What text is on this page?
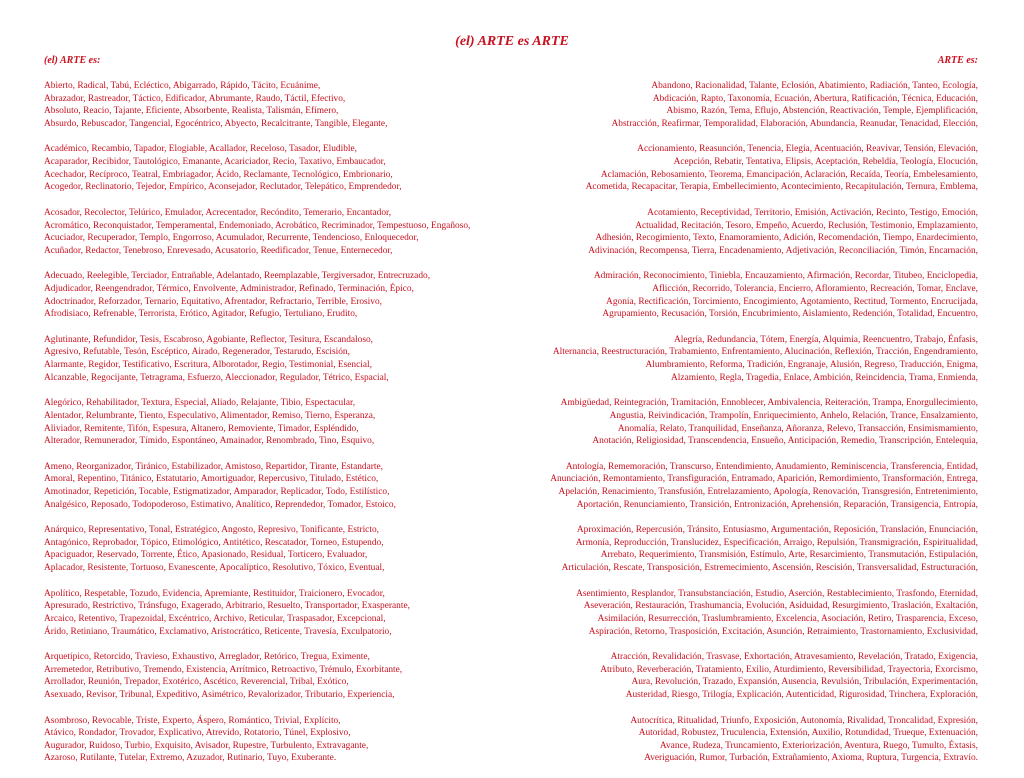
(el) ARTE es ARTE
(el) ARTE es:
Abierto, Radical, Tabú, Ecléctico, Abigarrado, Rápido, Tácito, Ecuánime,
Abrazador, Rastreador, Táctico, Edificador, Abrumante, Raudo, Táctil, Efectivo,
Absoluto, Reacio, Tajante, Eficiente, Absorbente, Realista, Talismán, Efímero,
Absurdo, Rebuscador, Tangencial, Egocéntrico, Abyecto, Recalcitrante, Tangible, Elegante,
Académico, Recambio, Tapador, Elogiable, Acallador, Receloso, Tasador, Eludible,
Acaparador, Recibidor, Tautológico, Emanante, Acariciador, Recio, Taxativo, Embaucador,
Acechador, Recíproco, Teatral, Embriagador, Ácido, Reclamante, Tecnológico, Embrionario,
Acogedor, Reclinatorio, Tejedor, Empírico, Aconsejador, Reclutador, Telepático, Emprendedor,
Acosador, Recolector, Telúrico, Emulador, Acrecentador, Recóndito, Temerario, Encantador,
Acromático, Reconquistador, Temperamental, Endemoniado, Acrobático, Recriminador, Tempestuoso, Engañoso,
Acuciador, Recuperador, Templo, Engorroso, Acumulador, Recurrente, Tendencioso, Enloquecedor,
Acuñador, Redactor, Tenebroso, Enrevesado, Acusatorio, Reedificador, Tenue, Enternecedor,
Adecuado, Reelegible, Terciador, Entrañable, Adelantado, Reemplazable, Tergiversador, Entrecruzado,
Adjudicador, Reengendrador, Térmico, Envolvente, Administrador, Refinado, Terminación, Épico,
Adoctrinador, Reforzador, Ternario, Equitativo, Afrentador, Refractario, Terrible, Erosivo,
Afrodisiaco, Refrenable, Terrorista, Erótico, Agitador, Refugio, Tertuliano, Erudito,
Aglutinante, Refundidor, Tesis, Escabroso, Agobiante, Reflector, Tesitura, Escandaloso,
Agresivo, Refutable, Tesón, Escéptico, Airado, Regenerador, Testarudo, Escisión,
Alarmante, Regidor, Testificativo, Escritura, Alborotador, Regio, Testimonial, Esencial,
Alcanzable, Regocijante, Tetragrama, Esfuerzo, Aleccionador, Regulador, Tétrico, Espacial,
Alegórico, Rehabilitador, Textura, Especial, Aliado, Relajante, Tibio, Espectacular,
Alentador, Relumbrante, Tiento, Especulativo, Alimentador, Remiso, Tierno, Esperanza,
Aliviador, Remitente, Tifón, Espesura, Altanero, Removiente, Timador, Espléndido,
Alterador, Remunerador, Tímido, Espontáneo, Amainador, Renombrado, Tino, Esquivo,
Ameno, Reorganizador, Tiránico, Estabilizador, Amistoso, Repartidor, Tirante, Estandarte,
Amoral, Repentino, Titánico, Estatutario, Amortiguador, Repercusivo, Titulado, Estético,
Amotinador, Repetición, Tocable, Estigmatizador, Amparador, Replicador, Todo, Estilístico,
Analgésico, Reposado, Todopoderoso, Estimativo, Analítico, Reprendedor, Tomador, Estoico,
Anárquico, Representativo, Tonal, Estratégico, Angosto, Represivo, Tonificante, Estricto,
Antagónico, Reprobador, Tópico, Etimológico, Antitético, Rescatador, Torneo, Estupendo,
Apaciguador, Reservado, Torrente, Ético, Apasionado, Residual, Torticero, Evaluador,
Aplacador, Resistente, Tortuoso, Evanescente, Apocalíptico, Resolutivo, Tóxico, Eventual,
Apolítico, Respetable, Tozudo, Evidencia, Apremiante, Restituidor, Traicionero, Evocador,
Apresurado, Restrictivo, Tránsfugo, Exagerado, Arbitrario, Resuelto, Transportador, Exasperante,
Arcaico, Retentivo, Trapezoidal, Excéntrico, Archivo, Reticular, Traspasador, Excepcional,
Árido, Retiniano, Traumático, Exclamativo, Aristocrático, Reticente, Travesía, Exculpatorio,
Arquetípico, Retorcido, Travieso, Exhaustivo, Arreglador, Retórico, Tregua, Eximente,
Arremetedor, Retributivo, Tremendo, Existencia, Arrítmico, Retroactivo, Trémulo, Exorbitante,
Arrollador, Reunión, Trepador, Exotérico, Ascético, Reverencial, Tribal, Exótico,
Asexuado, Revisor, Tribunal, Expeditivo, Asimétrico, Revalorizador, Tributario, Experiencia,
Asombroso, Revocable, Triste, Experto, Áspero, Romántico, Trivial, Explícito,
Atávico, Rondador, Trovador, Explicativo, Atrevido, Rotatorio, Túnel, Explosivo,
Augurador, Ruidoso, Turbio, Exquisito, Avisador, Rupestre, Turbulento, Extravagante,
Azaroso, Rutilante, Tutelar, Extremo, Azuzador, Rutinario, Tuyo, Exuberante.
ARTE es:
Abandono, Racionalidad, Talante, Eclosión, Abatimiento, Radiación, Tanteo, Ecología,
Abdicación, Rapto, Taxonomía, Ecuación, Abertura, Ratificación, Técnica, Educación,
Abismo, Razón, Tema, Eflujo, Abstención, Reactivación, Temple, Ejemplificación,
Abstracción, Reafirmar, Temporalidad, Elaboración, Abundancia, Reanudar, Tenacidad, Elección,
Accionamiento, Reasunción, Tenencia, Elegía, Acentuación, Reavivar, Tensión, Elevación,
Acepción, Rebatir, Tentativa, Elipsis, Aceptación, Rebeldía, Teología, Elocución,
Aclamación, Rebosamiento, Teorema, Emancipación, Aclaración, Recaída, Teoría, Embelesamiento,
Acometida, Recapacitar, Terapia, Embellecimiento, Acontecimiento, Recapitulación, Ternura, Emblema,
Acotamiento, Receptividad, Territorio, Emisión, Activación, Recinto, Testigo, Emoción,
Actualidad, Recitación, Tesoro, Empeño, Acuerdo, Reclusión, Testimonio, Emplazamiento,
Adhesión, Recogimiento, Texto, Enamoramiento, Adición, Recomendación, Tiempo, Enardecimiento,
Adivinación, Recompensa, Tierra, Encadenamiento, Adjetivación, Reconciliación, Timón, Encarnación,
Admiración, Reconocimiento, Tiniebla, Encauzamiento, Afirmación, Recordar, Titubeo, Enciclopedia,
Aflicción, Recorrido, Tolerancia, Encierro, Afloramiento, Recreación, Tomar, Enclave,
Agonía, Rectificación, Torcimiento, Encogimiento, Agotamiento, Rectitud, Tormento, Encrucijada,
Agrupamiento, Recusación, Torsión, Encubrimiento, Aislamiento, Redención, Totalidad, Encuentro,
Alegría, Redundancia, Tótem, Energía, Alquimia, Reencuentro, Trabajo, Énfasis,
Alternancia, Reestructuración, Trabamiento, Enfrentamiento, Alucinación, Reflexión, Tracción, Engendramiento,
Alumbramiento, Reforma, Tradición, Engranaje, Alusión, Regreso, Traducción, Enigma,
Alzamiento, Regla, Tragedia, Enlace, Ambición, Reincidencia, Trama, Enmienda,
Ambigüedad, Reintegración, Tramitación, Ennoblecer, Ambivalencia, Reiteración, Trampa, Enorgullecimiento,
Angustia, Reivindicación, Trampolín, Enriquecimiento, Anhelo, Relación, Trance, Ensalzamiento,
Anomalía, Relato, Tranquilidad, Enseñanza, Añoranza, Relevo, Transacción, Ensimismamiento,
Anotación, Religiosidad, Transcendencia, Ensueño, Anticipación, Remedio, Transcripción, Entelequia,
Antología, Rememoración, Transcurso, Entendimiento, Anudamiento, Reminiscencia, Transferencia, Entidad,
Anunciación, Remontamiento, Transfiguración, Entramado, Aparición, Remordimiento, Transformación, Entrega,
Apelación, Renacimiento, Transfusión, Entrelazamiento, Apología, Renovación, Transgresión, Entretenimiento,
Aportación, Renunciamiento, Transición, Entronización, Aprehensión, Reparación, Transigencia, Entropía,
Aproximación, Repercusión, Tránsito, Entusiasmo, Argumentación, Reposición, Translación, Enunciación,
Armonía, Reproducción, Translucidez, Especificación, Arraigo, Repulsión, Transmigración, Espiritualidad,
Arrebato, Requerimiento, Transmisión, Estímulo, Arte, Resarcimiento, Transmutación, Estipulación,
Articulación, Rescate, Transposición, Estremecimiento, Ascensión, Rescisión, Transversalidad, Estructuración,
Asentimiento, Resplandor, Transubstanciación, Estudio, Aserción, Restablecimiento, Trasfondo, Eternidad,
Aseveración, Restauración, Trashumancia, Evolución, Asiduidad, Resurgimiento, Traslación, Exaltación,
Asimilación, Resurrección, Traslumbramiento, Excelencia, Asociación, Retiro, Trasparencia, Exceso,
Aspiración, Retorno, Trasposición, Excitación, Asunción, Retraimiento, Trastornamiento, Exclusividad,
Atracción, Revalidación, Trasvase, Exhortación, Atravesamiento, Revelación, Tratado, Exigencia,
Atributo, Reverberación, Tratamiento, Exilio, Aturdimiento, Reversibilidad, Trayectoria, Exorcismo,
Aura, Revolución, Trazado, Expansión, Ausencia, Revulsión, Tribulación, Experimentación,
Austeridad, Riesgo, Trilogía, Explicación, Autenticidad, Rigurosidad, Trinchera, Exploración,
Autocrítica, Ritualidad, Triunfo, Exposición, Autonomía, Rivalidad, Troncalidad, Expresión,
Autoridad, Robustez, Truculencia, Extensión, Auxilio, Rotundidad, Trueque, Extenuación,
Avance, Rudeza, Truncamiento, Exteriorización, Aventura, Ruego, Tumulto, Éxtasis,
Averiguación, Rumor, Turbación, Extrañamiento, Axioma, Ruptura, Turgencia, Extravío.
